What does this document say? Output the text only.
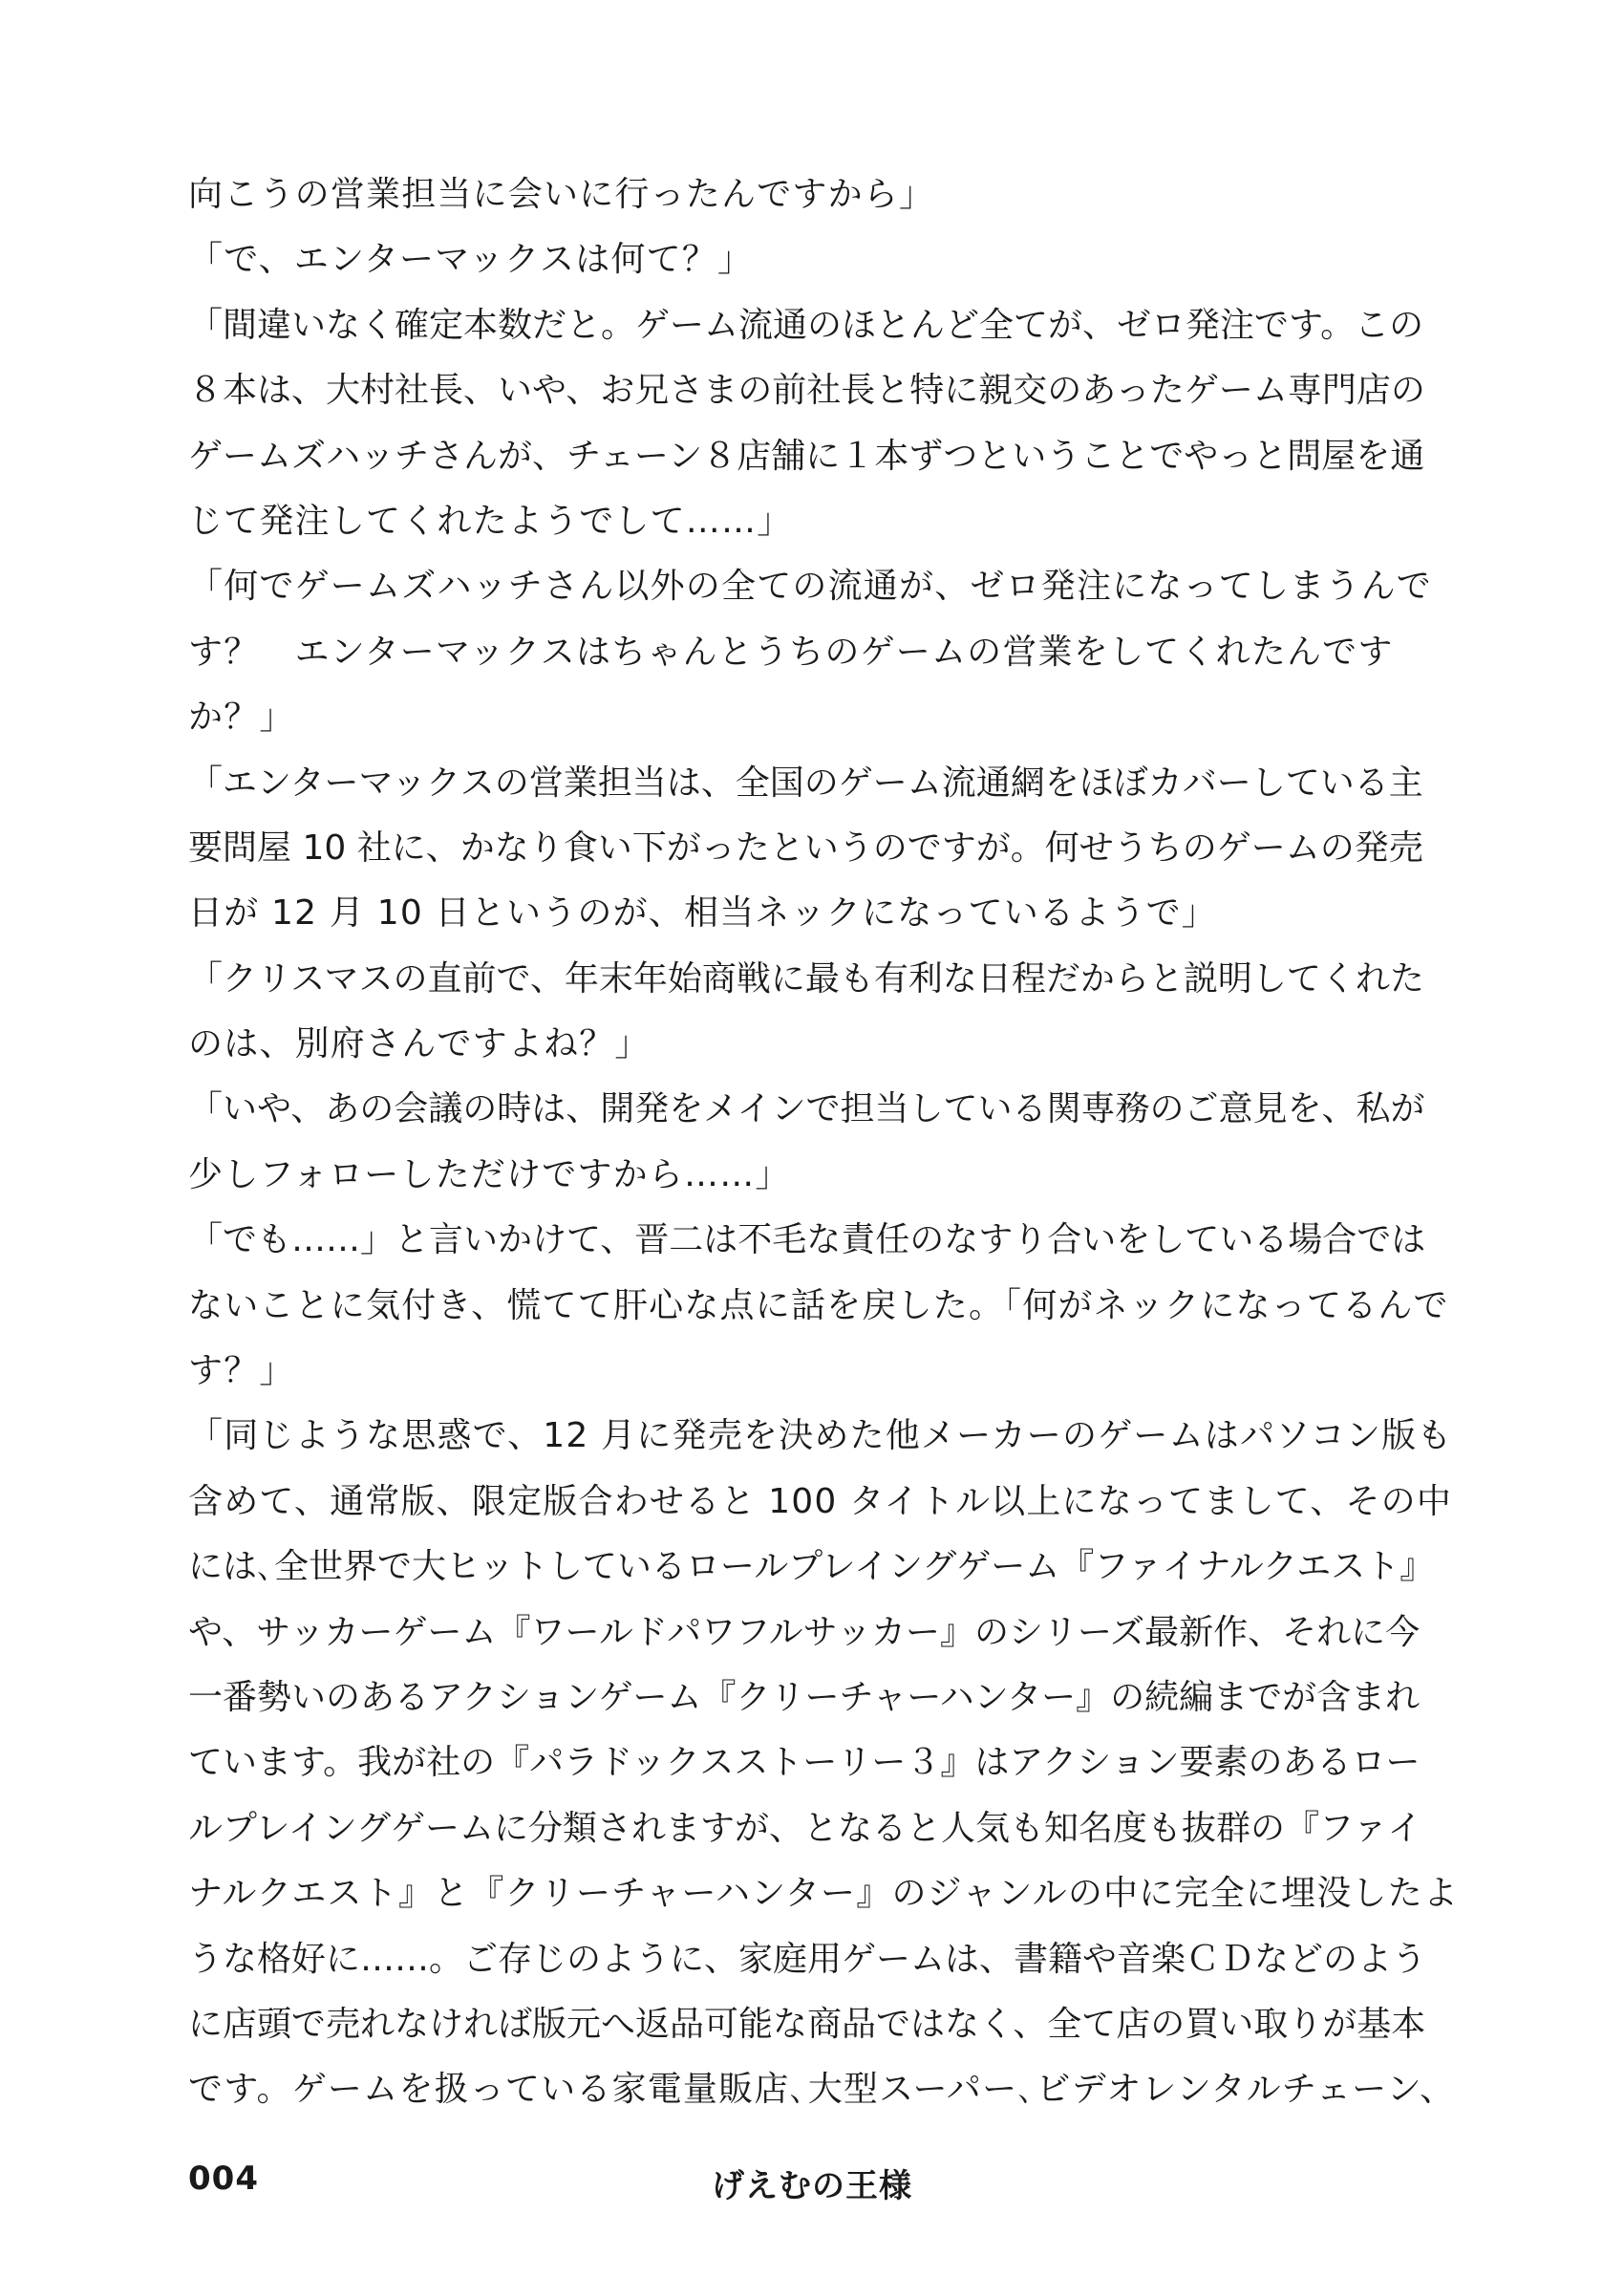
向こうの営業担当に会いに行ったんですから」
「で、エンターマックスは何て？」
「間違いなく確定本数だと。ゲーム流通のほとんど全てが、ゼロ発注です。この
８本は、大村社長、いや、お兄さまの前社長と特に親交のあったゲーム専門店の
ゲームズハッチさんが、チェーン８店舗に１本ずつということでやっと問屋を通
じて発注してくれたようでして……」
「何でゲームズハッチさん以外の全ての流通が、ゼロ発注になってしまうんで
す？　エンターマックスはちゃんとうちのゲームの営業をしてくれたんです
か？」
「エンターマックスの営業担当は、全国のゲーム流通網をほぼカバーしている主
要問屋 10 社に、かなり食い下がったというのですが。何せうちのゲームの発売
日が 12 月 10 日というのが、相当ネックになっているようで」
「クリスマスの直前で、年末年始商戦に最も有利な日程だからと説明してくれた
のは、別府さんですよね？」
「いや、あの会議の時は、開発をメインで担当している関専務のご意見を、私が
少しフォローしただけですから……」
「でも……」と言いかけて、晋二は不毛な責任のなすり合いをしている場合では
ないことに気付き、慌てて肝心な点に話を戻した。「何がネックになってるんで
す？」
「同じような思惑で、12 月に発売を決めた他メーカーのゲームはパソコン版も
含めて、通常版、限定版合わせると 100 タイトル以上になってまして、その中
には､全世界で大ヒットしているロールプレイングゲーム『ファイナルクエスト』
や、サッカーゲーム『ワールドパワフルサッカー』のシリーズ最新作、それに今
一番勢いのあるアクションゲーム『クリーチャーハンター』の続編までが含まれ
ています。我が社の『パラドックスストーリー３』はアクション要素のあるロー
ルプレイングゲームに分類されますが、となると人気も知名度も抜群の『ファイ
ナルクエスト』と『クリーチャーハンター』のジャンルの中に完全に埋没したよ
うな格好に……。ご存じのように、家庭用ゲームは、書籍や音楽ＣＤなどのよう
に店頭で売れなければ版元へ返品可能な商品ではなく、全て店の買い取りが基本
です。ゲームを扱っている家電量販店､大型スーパー､ビデオレンタルチェーン、
げえむの王様
004
